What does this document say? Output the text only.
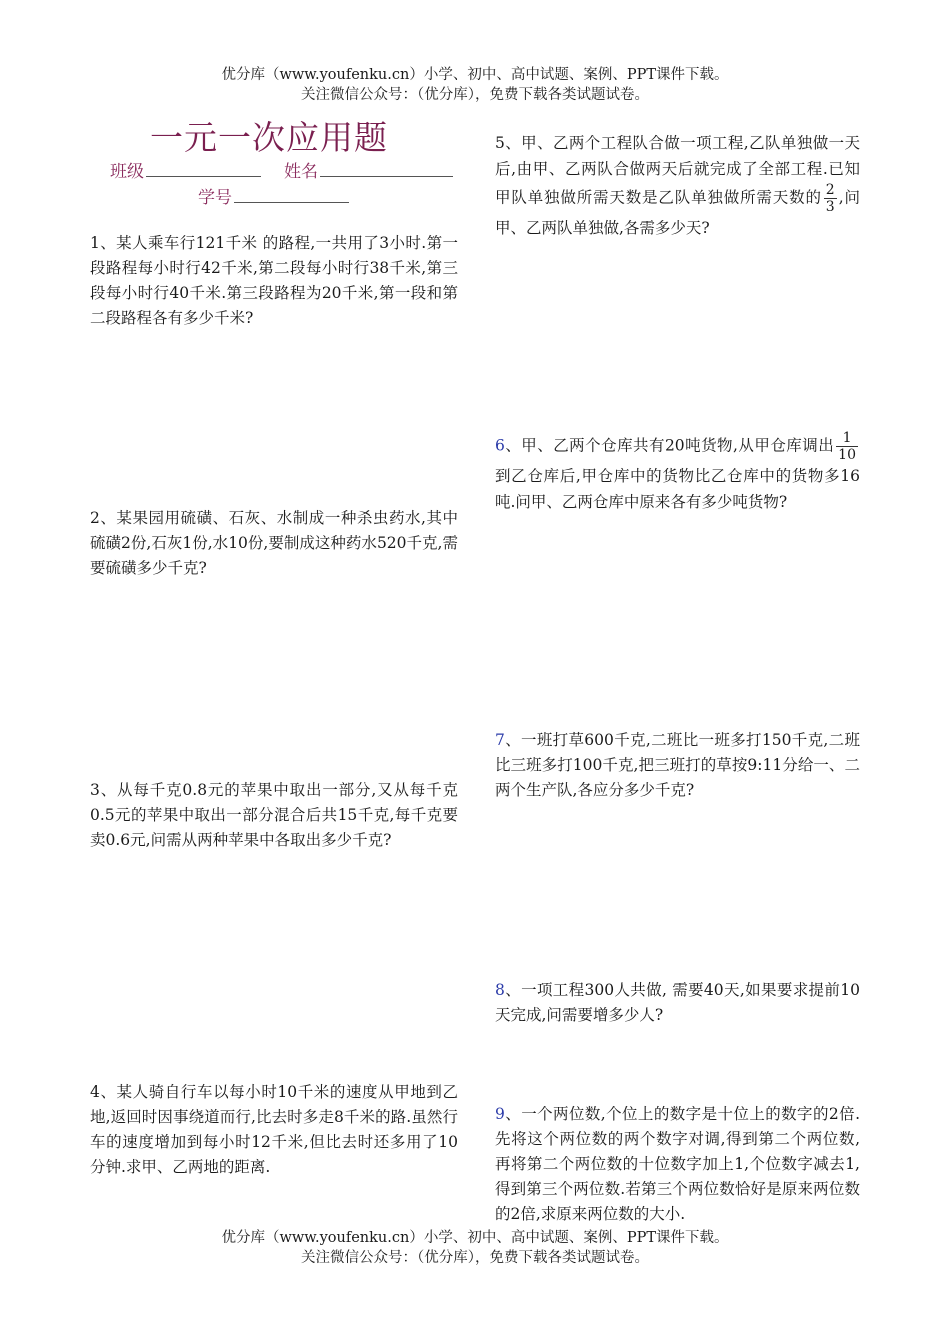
优分库（www.youfenku.cn）小学、初中、高中试题、案例、PPT课件下载。
关注微信公众号：（优分库），免费下载各类试题试卷。
一元一次应用题
班级	姓名
学号
1、某人乘车行121千米 的路程,一共用了3小时.第一段路程每小时行42千米,第二段每小时行38千米,第三段每小时行40千米.第三段路程为20千米,第一段和第二段路程各有多少千米?
2、某果园用硫磺、石灰、水制成一种杀虫药水,其中硫磺2份,石灰1份,水10份,要制成这种药水520千克,需要硫磺多少千克?
3、从每千克0.8元的苹果中取出一部分,又从每千克0.5元的苹果中取出一部分混合后共15千克,每千克要卖0.6元,问需从两种苹果中各取出多少千克?
4、某人骑自行车以每小时10千米的速度从甲地到乙地,返回时因事绕道而行,比去时多走8千米的路.虽然行车的速度增加到每小时12千米,但比去时还多用了10分钟.求甲、乙两地的距离.
5、甲、乙两个工程队合做一项工程,乙队单独做一天后,由甲、乙两队合做两天后就完成了全部工程.已知甲队单独做所需天数是乙队单独做所需天数的 $\frac{2}{3}$ ,问甲、乙两队单独做,各需多少天?
6、甲、乙两个仓库共有20吨货物,从甲仓库调出 $\frac{1}{10}$
到乙仓库后,甲仓库中的货物比乙仓库中的货物多16吨.问甲、乙两仓库中原来各有多少吨货物?
7、一班打草600千克,二班比一班多打150千克,二班比三班多打100千克,把三班打的草按9:11分给一、二两个生产队,各应分多少千克?
8、一项工程300人共做, 需要40天,如果要求提前10天完成,问需要增多少人?
9、一个两位数,个位上的数字是十位上的数字的2倍.先将这个两位数的两个数字对调,得到第二个两位数,再将第二个两位数的十位数字加上1,个位数字减去1,得到第三个两位数.若第三个两位数恰好是原来两位数的2倍,求原来两位数的大小.
优分库（www.youfenku.cn）小学、初中、高中试题、案例、PPT课件下载。
关注微信公众号：（优分库），免费下载各类试题试卷。
